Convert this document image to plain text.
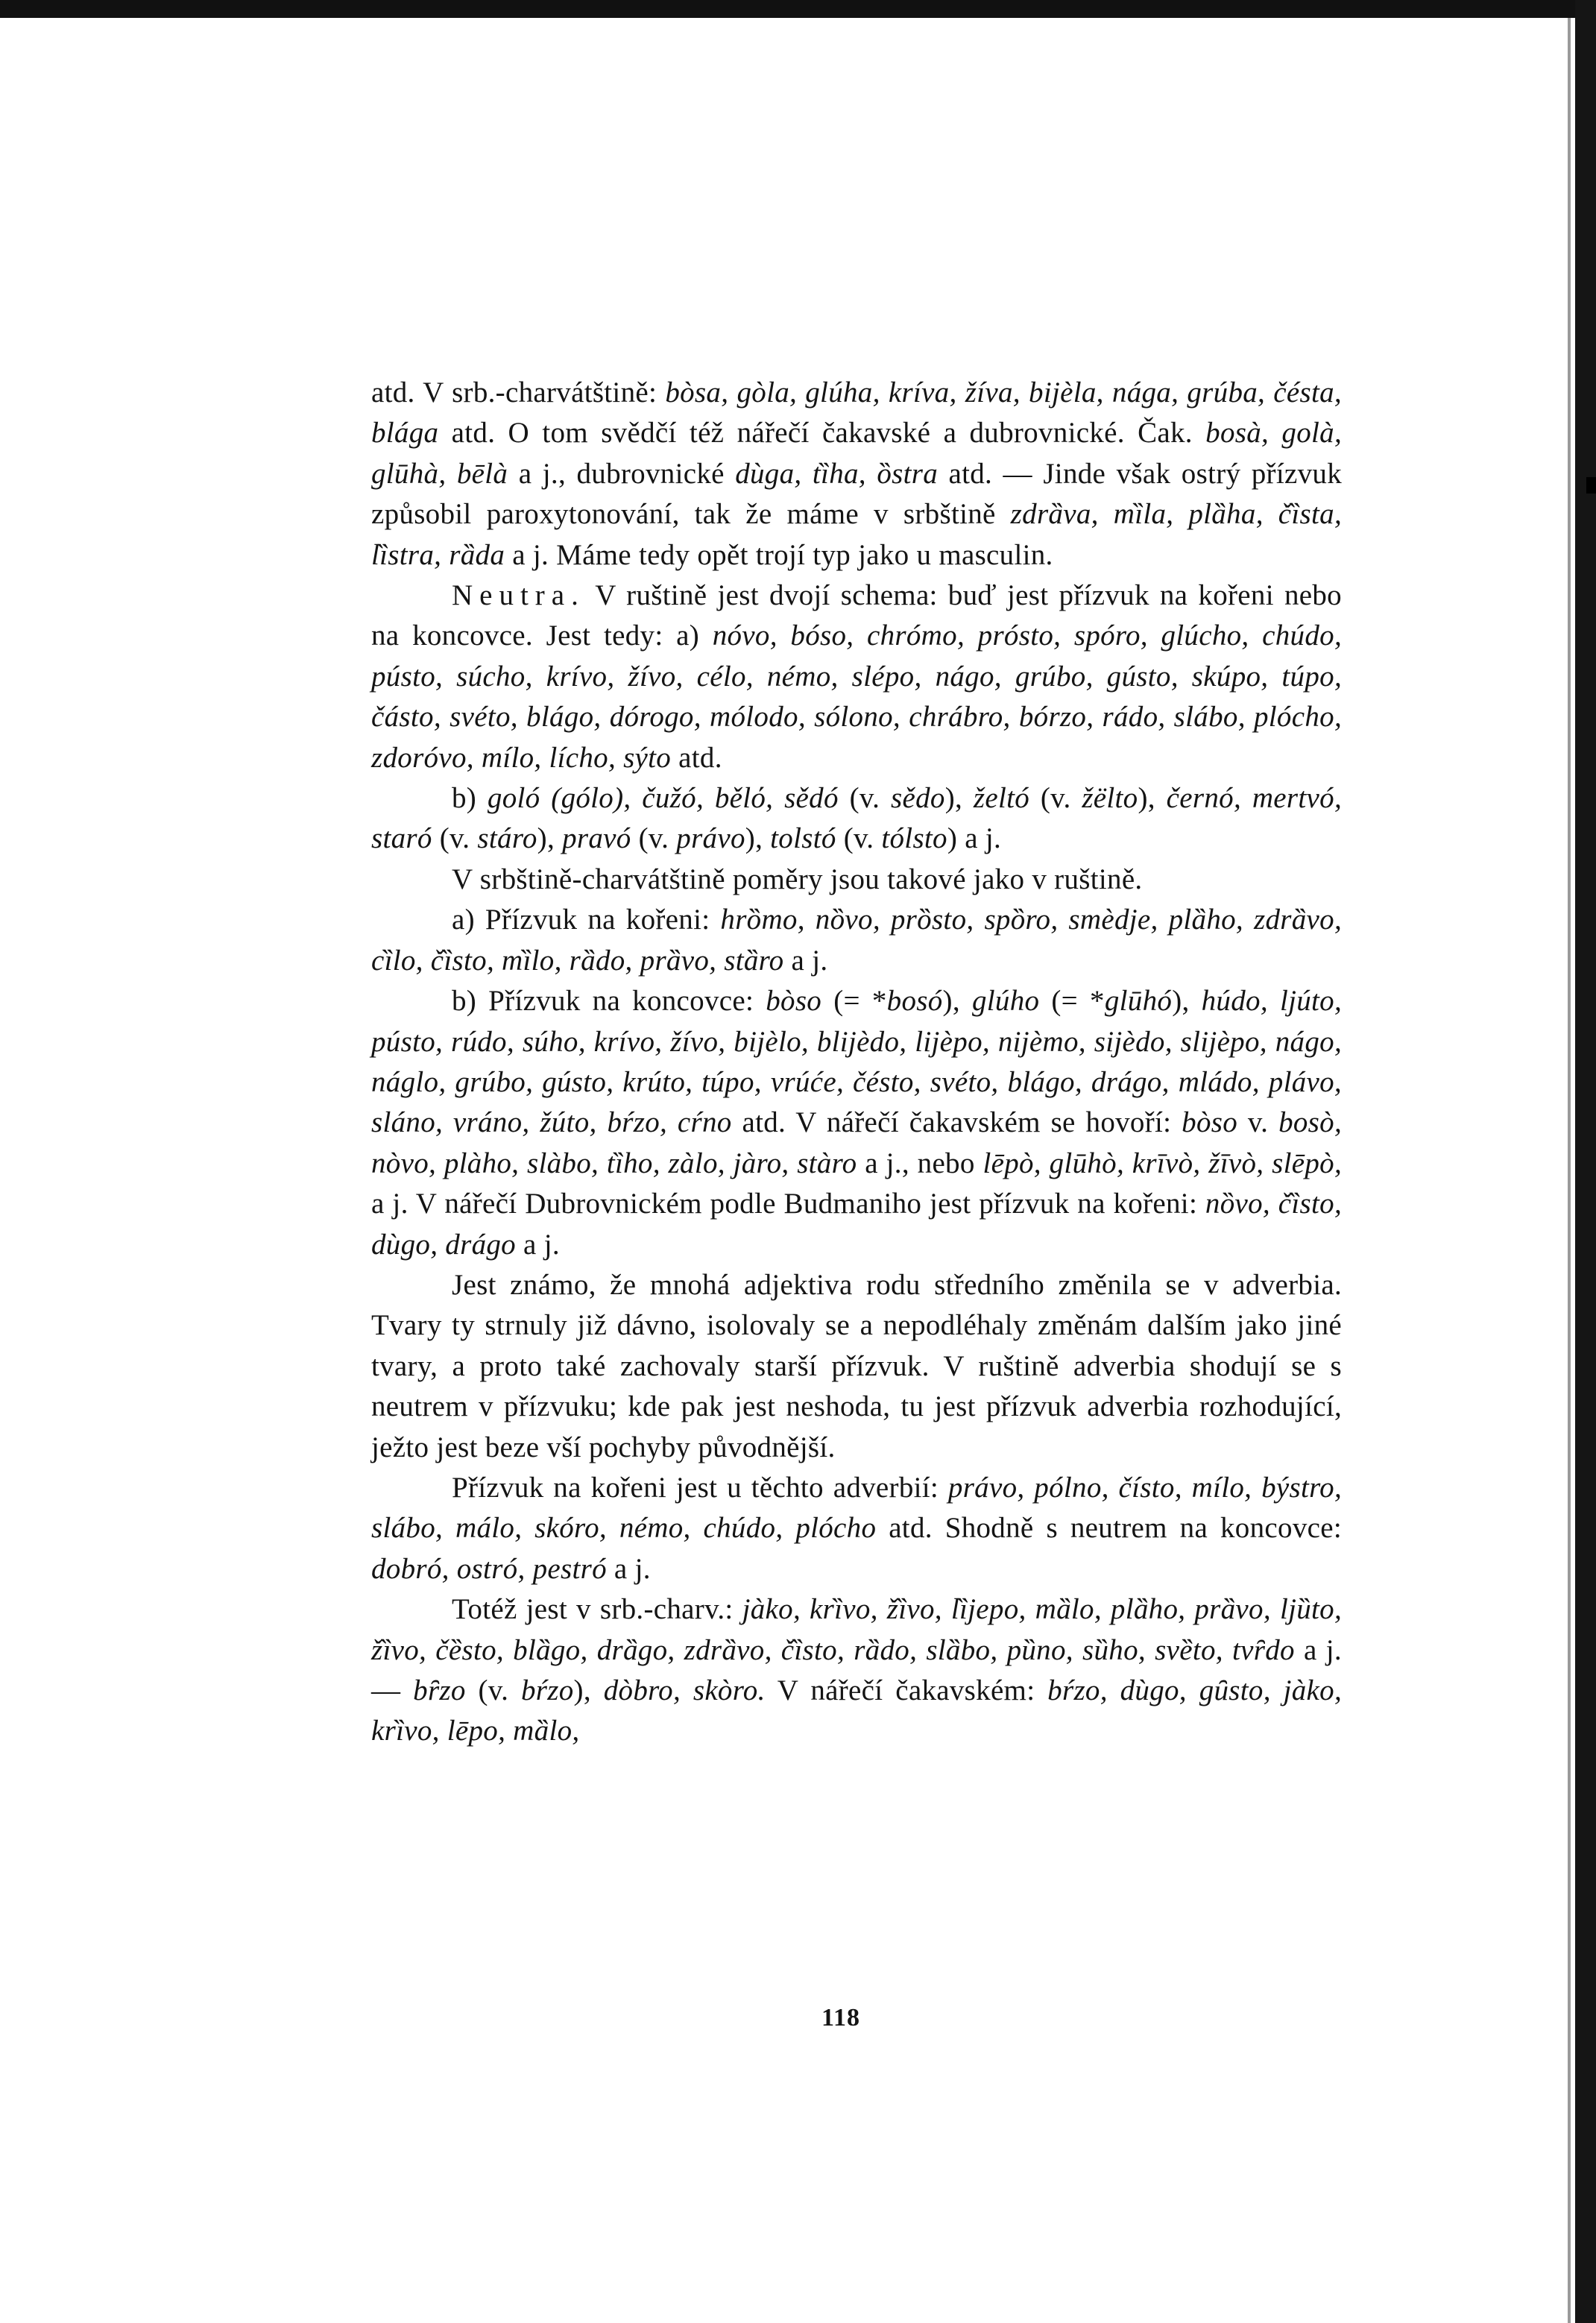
atd. V srb.-charvátštině: bòsa, gòla, glúha, kríva, žíva, bijèla, nága, grúba, čésta, blága atd. O tom svědčí též nářečí čakavské a dubrovnické. Čak. bosà, golà, glūhà, bēlà a j., dubrovnické dùga, tȉha, ȍstra atd. — Jinde však ostrý přízvuk způsobil paroxytonování, tak že máme v srbštině zdrȁva, mȉla, plȁha, čȉsta, lȉstra, rȁda a j. Máme tedy opět trojí typ jako u masculin.

Neutra. V ruštině jest dvojí schema: buď jest přízvuk na kořeni nebo na koncovce. Jest tedy: a) nóvo, bóso, chrómo, prósto, spóro, glúcho, chúdo, pústo, súcho, krívo, žívo, célo, némo, slépo, nágo, grúbo, gústo, skúpo, túpo, částo, svéto, blágo, dórogo, mólodo, sólono, chrábro, bórzo, rádo, slábo, plócho, zdoróvo, mílo, lícho, sýto atd.

b) goló (gólo), čužó, bělό, sědó (v. sědo), želtó (v. žëlto), černó, mertvó, staró (v. stáro), pravó (v. právo), tolstó (v. tólsto) a j.

V srbštině-charvátštině poměry jsou takové jako v ruštině.

a) Přízvuk na kořeni: hrȍmo, nȍvo, prȍsto, spȍro, smèdje, plȁho, zdrȁvo, cȉlo, čȉsto, mȉlo, rȁdo, prȁvo, stȁro a j.

b) Přízvuk na koncovce: bòso (= *bosó), glúho (= *glūhó), húdo, ljúto, pústo, rúdo, súho, krívo, žívo, bijèlo, blijèdo, lijèpo, nijèmo, sijèdo, slijèpo, nágo, náglo, grúbo, gústo, krúto, túpo, vrúće, čésto, svéto, blágo, drágo, mládo, plávo, sláno, vráno, žúto, bŕzo, cŕno atd. V nářečí čakavském se hovoří: bòso v. bosò, nòvo, plàho, slàbo, tȉho, zàlo, jàro, stàro a j., nebo lēpò, glūhò, krīvò, žīvò, slēpò, a j. V nářečí Dubrovnickém podle Budmaniho jest přízvuk na kořeni: nȍvo, čȉsto, dùgo, drágo a j.

Jest známo, že mnohá adjektiva rodu středního změnila se v adverbia. Tvary ty strnuly již dávno, isolovaly se a nepodléhaly změnám dalším jako jiné tvary, a proto také zachovaly starší přízvuk. V ruštině adverbia shodují se s neutrem v přízvuku; kde pak jest neshoda, tu jest přízvuk adverbia rozhodující, ježto jest beze vší pochyby původnější.

Přízvuk na kořeni jest u těchto adverbií: právo, pólno, čísto, mílo, býstro, slábo, málo, skóro, némo, chúdo, plócho atd. Shodně s neutrem na koncovce: dobró, ostró, pestró a j.

Totéž jest v srb.-charv.: jàko, krȉvo, žȉvo, lȉjepo, mȁlo, plȁho, prȁvo, ljȕto, žȉvo, čȅsto, blȁgo, drȁgo, zdrȁvo, čȉsto, rȁdo, slȁbo, pȕno, sȕho, svȅto, tvȓdo a j. — bȓzo (v. bŕzo), dòbro, skòro. V nářečí čakavském: bŕzo, dùgo, gȗsto, jàko, krȉvo, lēpo, mȁlo,

118
